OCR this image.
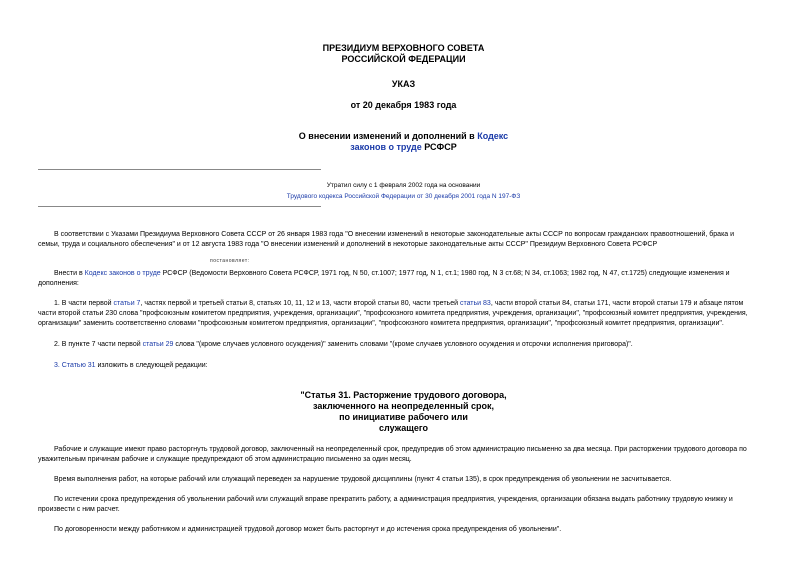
ПРЕЗИДИУМ ВЕРХОВНОГО СОВЕТА
РОССИЙСКОЙ ФЕДЕРАЦИИ
УКАЗ
от 20 декабря 1983 года
О внесении изменений и дополнений в Кодекс
законов о труде РСФСР
Утратил силу с 1 февраля 2002 года на основании
Трудового кодекса Российской Федерации от 30 декабря 2001 года N 197-ФЗ
В соответствии с Указами Президиума Верховного Совета СССР от 26 января 1983 года "О внесении изменений в некоторые законодательные акты СССР по вопросам гражданских правоотношений, брака и
семьи, труда и социального обеспечения" и от 12 августа 1983 года "О внесении изменений и дополнений в некоторые законодательные акты СССР" Президиум Верховного Совета РСФСР
постановляет:
Внести в Кодекс законов о труде РСФСР (Ведомости Верховного Совета РСФСР, 1971 год, N 50, ст.1007; 1977 год, N 1, ст.1; 1980 год, N 3 ст.68; N 34, ст.1063; 1982 год, N 47, ст.1725) следующие изменения и
дополнения:
1. В части первой статьи 7, частях первой и третьей статьи 8, статьях 10, 11, 12 и 13, части второй статьи 80, части третьей статьи 83, части второй статьи 84, статьи 171, части второй статьи 179 и абзаце пятом
части второй статьи 230 слова "профсоюзным комитетом предприятия, учреждения, организации", "профсоюзного комитета предприятия, учреждения, организации", "профсоюзный комитет предприятия, учреждения,
организации" заменить соответственно словами "профсоюзным комитетом предприятия, организации", "профсоюзного комитета предприятия, организации", "профсоюзный комитет предприятия, организации".
2. В пункте 7 части первой статьи 29 слова "(кроме случаев условного осуждения)" заменить словами "(кроме случаев условного осуждения и отсрочки исполнения приговора)".
3. Статью 31 изложить в следующей редакции:
"Статья 31. Расторжение трудового договора,
заключенного на неопределенный срок,
по инициативе рабочего или
служащего
Рабочие и служащие имеют право расторгнуть трудовой договор, заключенный на неопределенный срок, предупредив об этом администрацию письменно за два месяца. При расторжении трудового договора по
уважительным причинам рабочие и служащие предупреждают об этом администрацию письменно за один месяц.
Время выполнения работ, на которые рабочий или служащий переведен за нарушение трудовой дисциплины (пункт 4 статьи 135), в срок предупреждения об увольнении не засчитывается.
По истечении срока предупреждения об увольнении рабочий или служащий вправе прекратить работу, а администрация предприятия, учреждения, организации обязана выдать работнику трудовую книжку и
произвести с ним расчет.
По договоренности между работником и администрацией трудовой договор может быть расторгнут и до истечения срока предупреждения об увольнении".
